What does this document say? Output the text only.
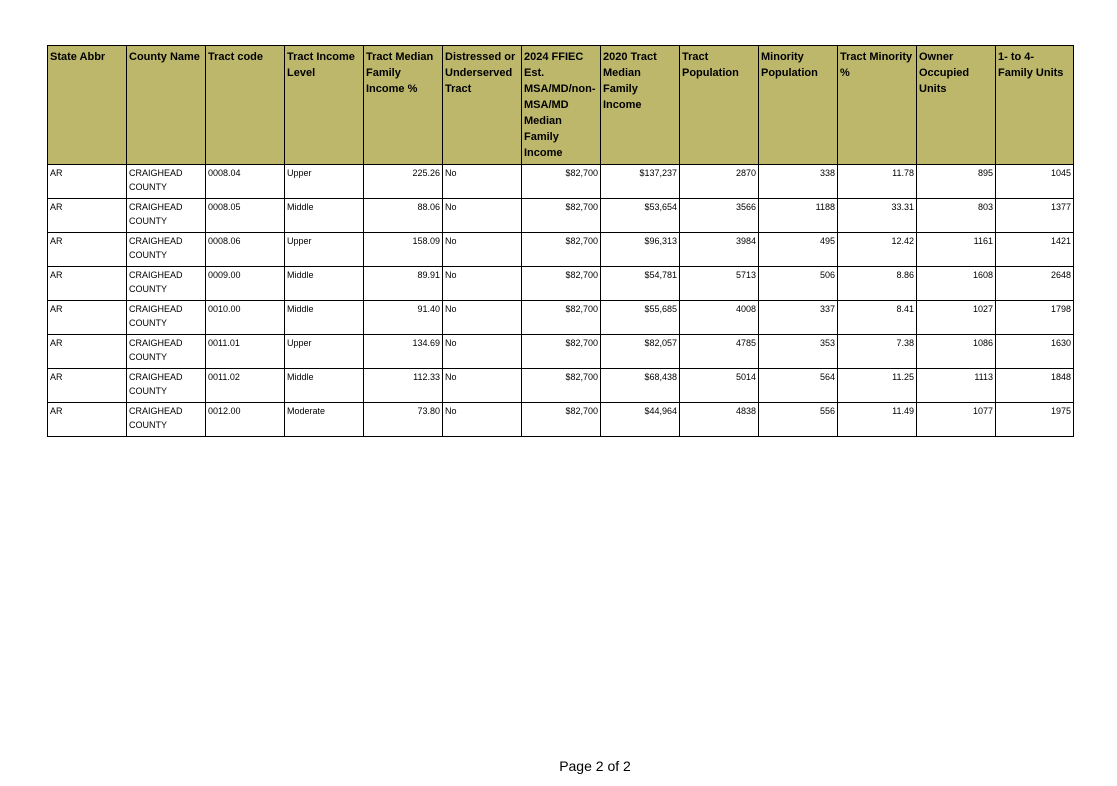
State Abbr	County Name	Tract code	Tract Income Level	Tract Median Family Income %	Distressed or Underserved Tract	2024 FFIEC Est. MSA/MD/non-MSA/MD Median Family Income	2020 Tract Median Family Income	Tract Population	Minority Population	Tract Minority %	Owner Occupied Units	1- to 4- Family Units
AR	CRAIGHEAD COUNTY	0008.04	Upper	225.26	No	$82,700	$137,237	2870	338	11.78	895	1045
AR	CRAIGHEAD COUNTY	0008.05	Middle	88.06	No	$82,700	$53,654	3566	1188	33.31	803	1377
AR	CRAIGHEAD COUNTY	0008.06	Upper	158.09	No	$82,700	$96,313	3984	495	12.42	1161	1421
AR	CRAIGHEAD COUNTY	0009.00	Middle	89.91	No	$82,700	$54,781	5713	506	8.86	1608	2648
AR	CRAIGHEAD COUNTY	0010.00	Middle	91.40	No	$82,700	$55,685	4008	337	8.41	1027	1798
AR	CRAIGHEAD COUNTY	0011.01	Upper	134.69	No	$82,700	$82,057	4785	353	7.38	1086	1630
AR	CRAIGHEAD COUNTY	0011.02	Middle	112.33	No	$82,700	$68,438	5014	564	11.25	1113	1848
AR	CRAIGHEAD COUNTY	0012.00	Moderate	73.80	No	$82,700	$44,964	4838	556	11.49	1077	1975
Page 2 of 2
